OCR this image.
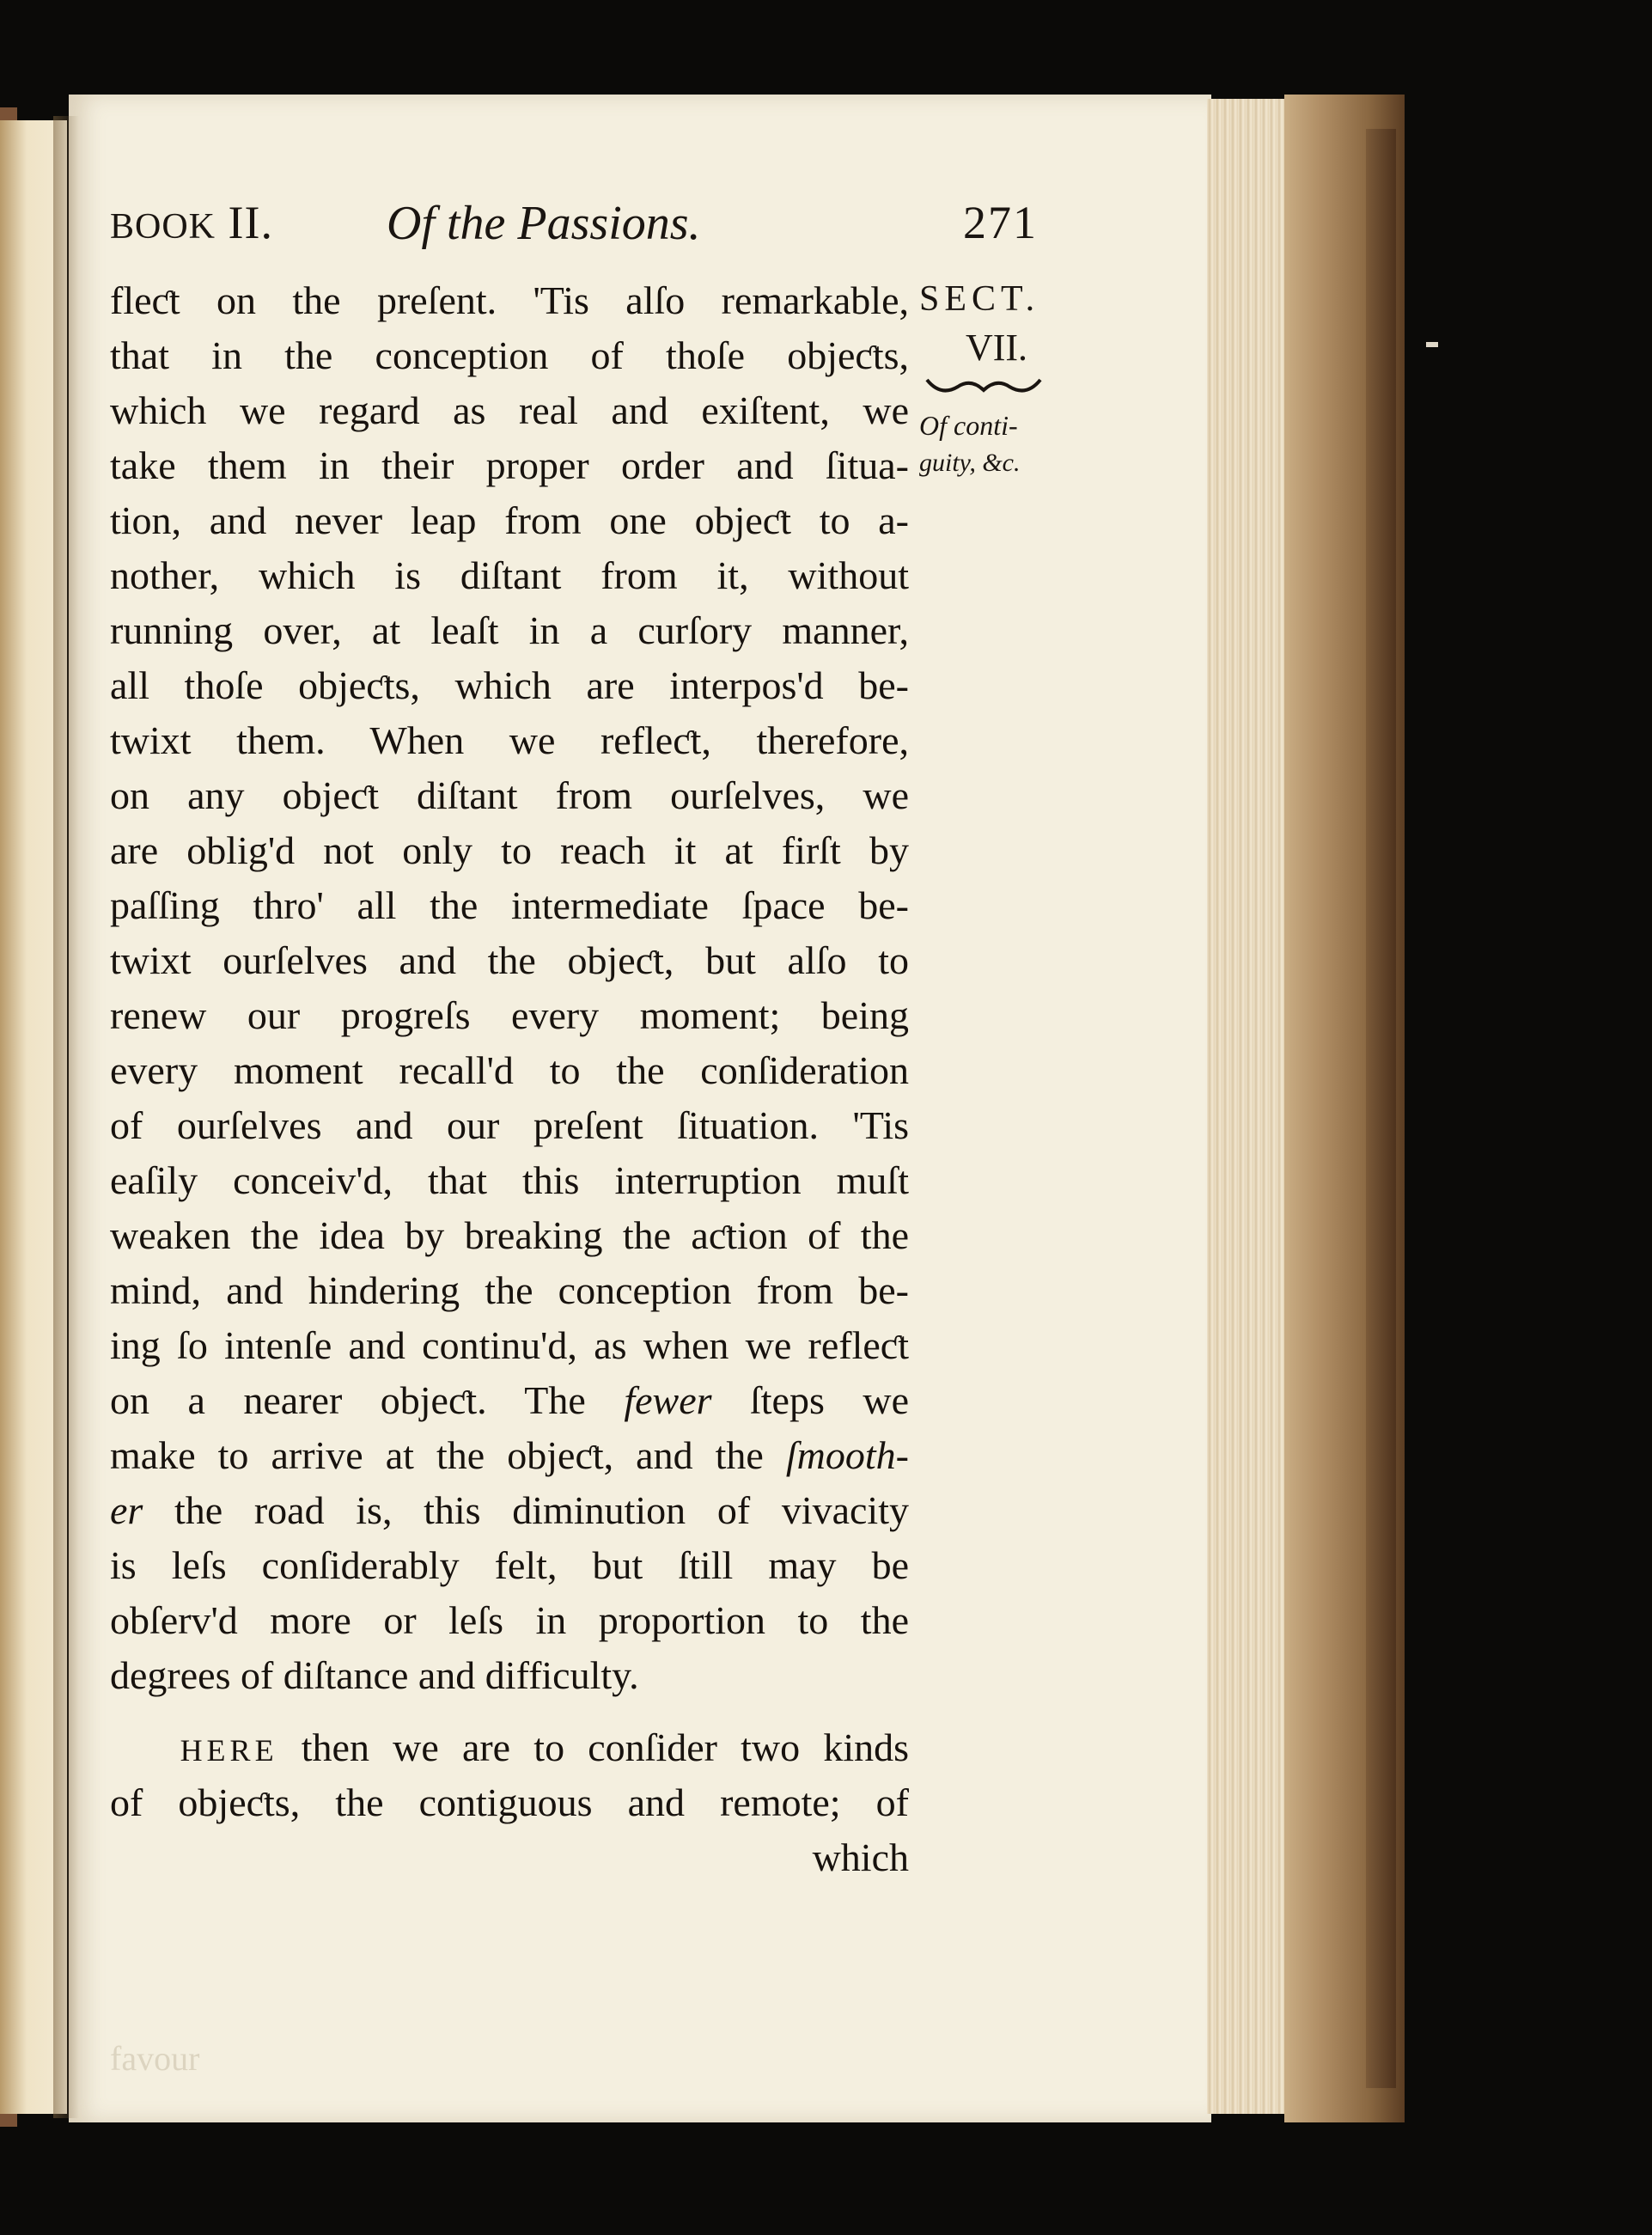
BOOK II. Of the Passions.	271
SECT.
VII.
Of conti-
guity, &c.
fleƈt on the preſent. 'Tis alſo remarkable,
that in the conception of thoſe objeƈts,
which we regard as real and exiſtent, we
take them in their proper order and ſitua-
tion, and never leap from one objeƈt to a-
nother, which is diſtant from it, without
running over, at leaſt in a curſory manner,
all thoſe objeƈts, which are interpos'd be-
twixt them. When we refleƈt, therefore,
on any objeƈt diſtant from ourſelves, we
are oblig'd not only to reach it at firſt by
paſſing thro' all the intermediate ſpace be-
twixt ourſelves and the objeƈt, but alſo to
renew our progreſs every moment; being
every moment recall'd to the conſideration
of ourſelves and our preſent ſituation. 'Tis
eaſily conceiv'd, that this interruption muſt
weaken the idea by breaking the aƈtion of the
mind, and hindering the conception from be-
ing ſo intenſe and continu'd, as when we refleƈt
on a nearer objeƈt. The fewer ſteps we
make to arrive at the objeƈt, and the ſmooth-
er the road is, this diminution of vivacity
is leſs conſiderably felt, but ſtill may be
obſerv'd more or leſs in proportion to the
degrees of diſtance and difficulty.
HERE then we are to conſider two kinds
of objeƈts, the contiguous and remote; of
which
favour
